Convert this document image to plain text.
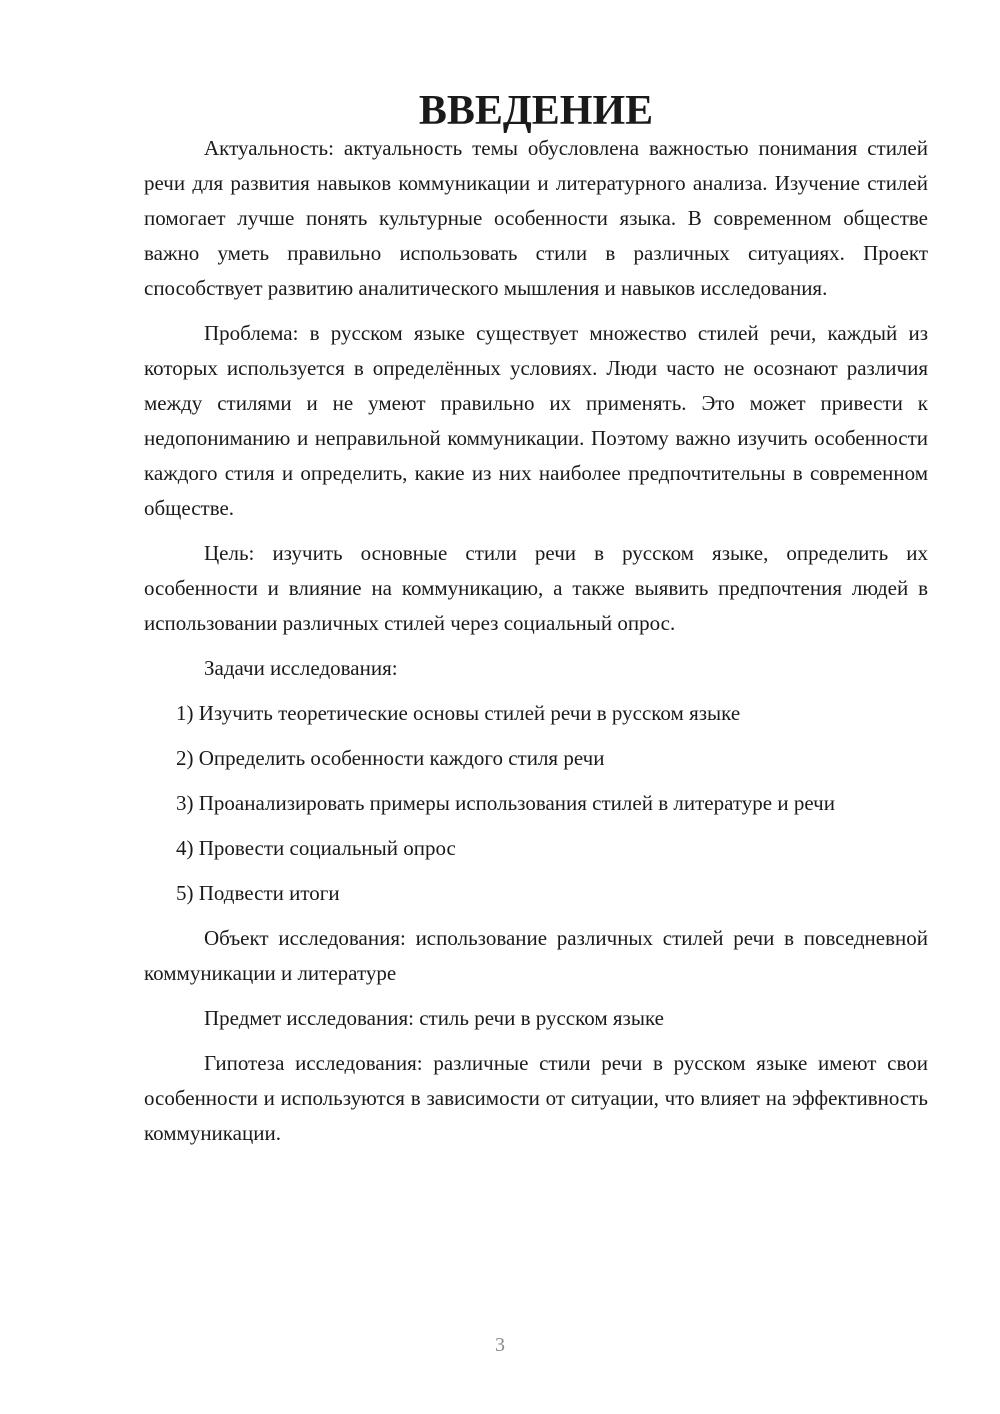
ВВЕДЕНИЕ

Актуальность: актуальность темы обусловлена важностью понимания стилей речи для развития навыков коммуникации и литературного анализа. Изучение стилей помогает лучше понять культурные особенности языка. В современном обществе важно уметь правильно использовать стили в различных ситуациях. Проект способствует развитию аналитического мышления и навыков исследования.

Проблема: в русском языке существует множество стилей речи, каждый из которых используется в определённых условиях. Люди часто не осознают различия между стилями и не умеют правильно их применять. Это может привести к недопониманию и неправильной коммуникации. Поэтому важно изучить особенности каждого стиля и определить, какие из них наиболее предпочтительны в современном обществе.

Цель: изучить основные стили речи в русском языке, определить их особенности и влияние на коммуникацию, а также выявить предпочтения людей в использовании различных стилей через социальный опрос.

Задачи исследования:

1) Изучить теоретические основы стилей речи в русском языке

2) Определить особенности каждого стиля речи

3) Проанализировать примеры использования стилей в литературе и речи

4) Провести социальный опрос

5) Подвести итоги

Объект исследования: использование различных стилей речи в повседневной коммуникации и литературе

Предмет исследования: стиль речи в русском языке

Гипотеза исследования: различные стили речи в русском языке имеют свои особенности и используются в зависимости от ситуации, что влияет на эффективность коммуникации.

3
